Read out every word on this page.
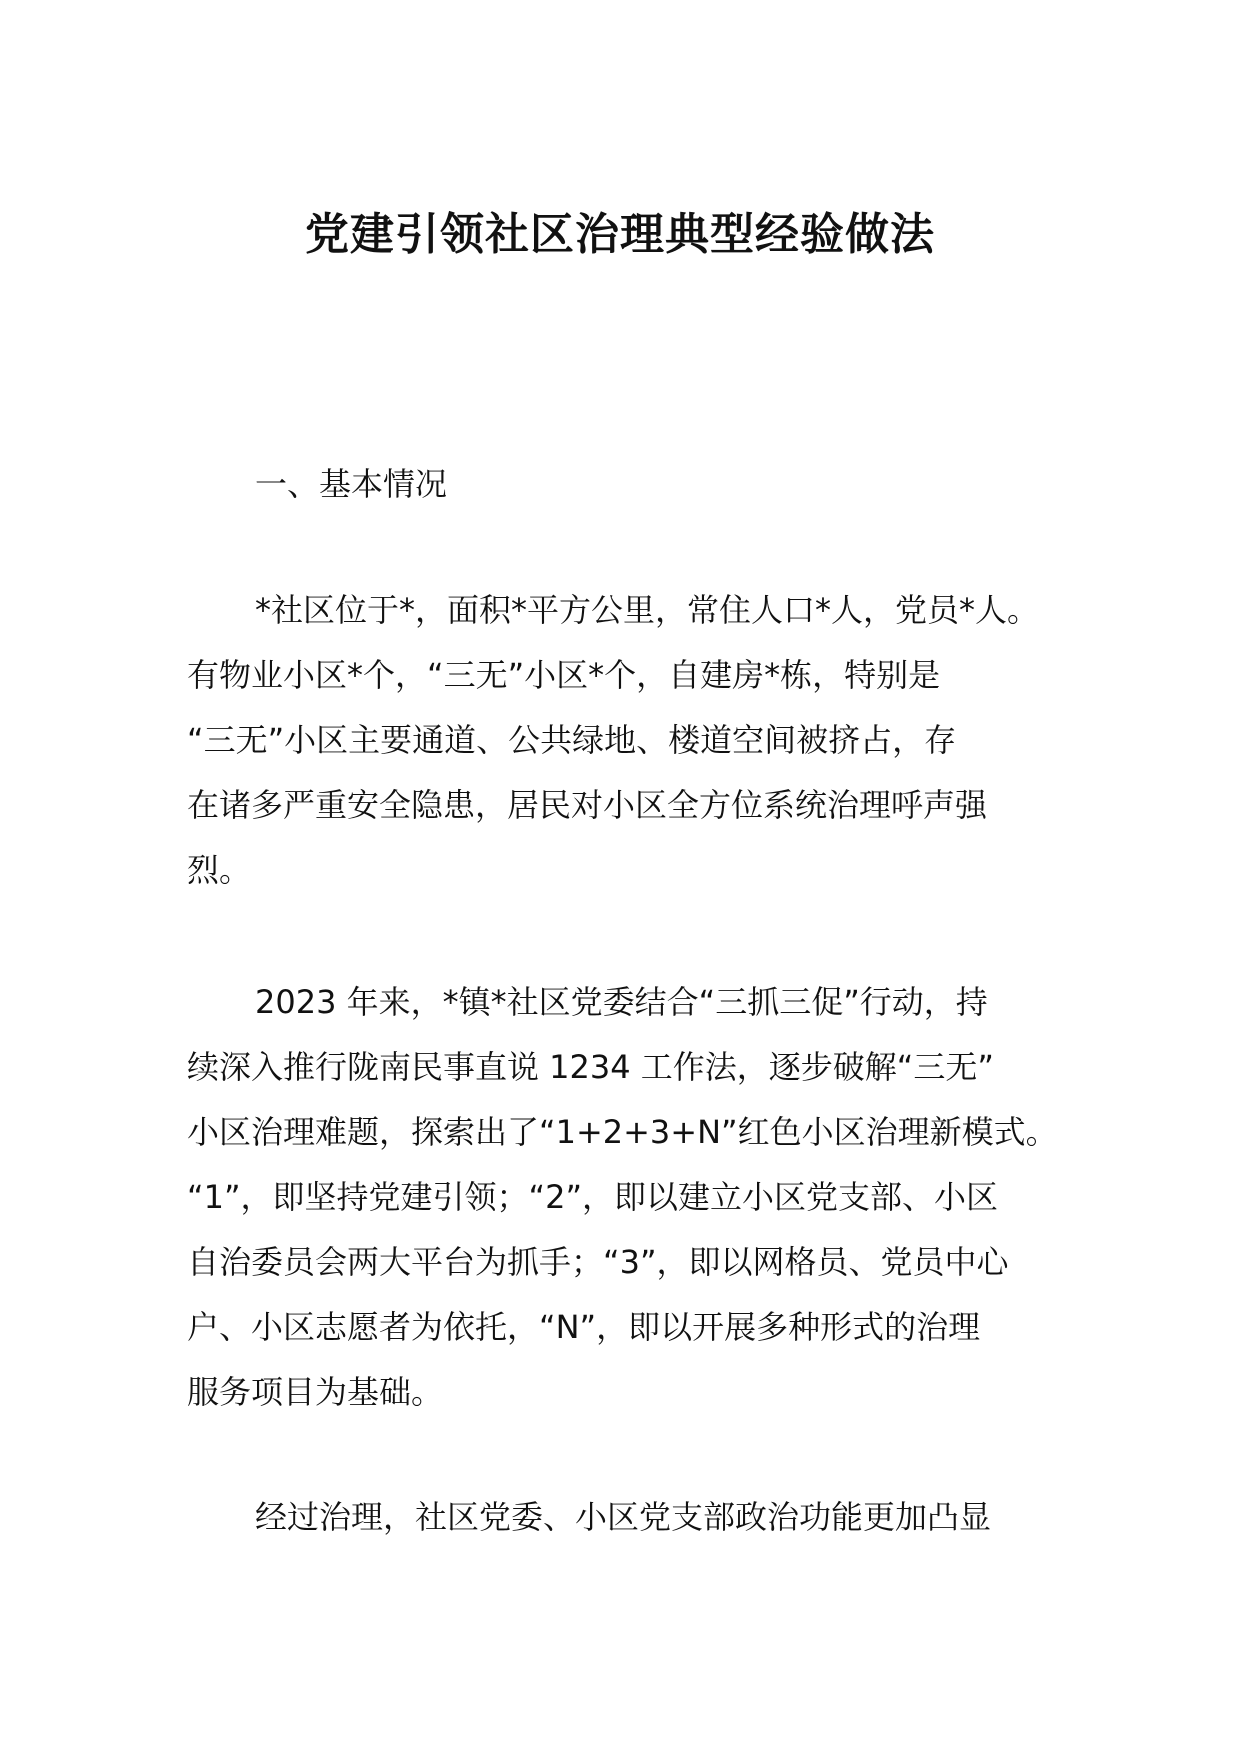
党建引领社区治理典型经验做法

一、基本情况

*社区位于*，面积*平方公里，常住人口*人，党员*人。
有物业小区*个，“三无”小区*个，自建房*栋，特别是
“三无”小区主要通道、公共绿地、楼道空间被挤占，存
在诸多严重安全隐患，居民对小区全方位系统治理呼声强
烈。
2023 年来，*镇*社区党委结合“三抓三促”行动，持
续深入推行陇南民事直说 1234 工作法，逐步破解“三无”
小区治理难题，探索出了“1+2+3+N”红色小区治理新模式。
“1”，即坚持党建引领；“2”，即以建立小区党支部、小区
自治委员会两大平台为抓手；“3”，即以网格员、党员中心
户、小区志愿者为依托，“N”，即以开展多种形式的治理
服务项目为基础。
经过治理，社区党委、小区党支部政治功能更加凸显
